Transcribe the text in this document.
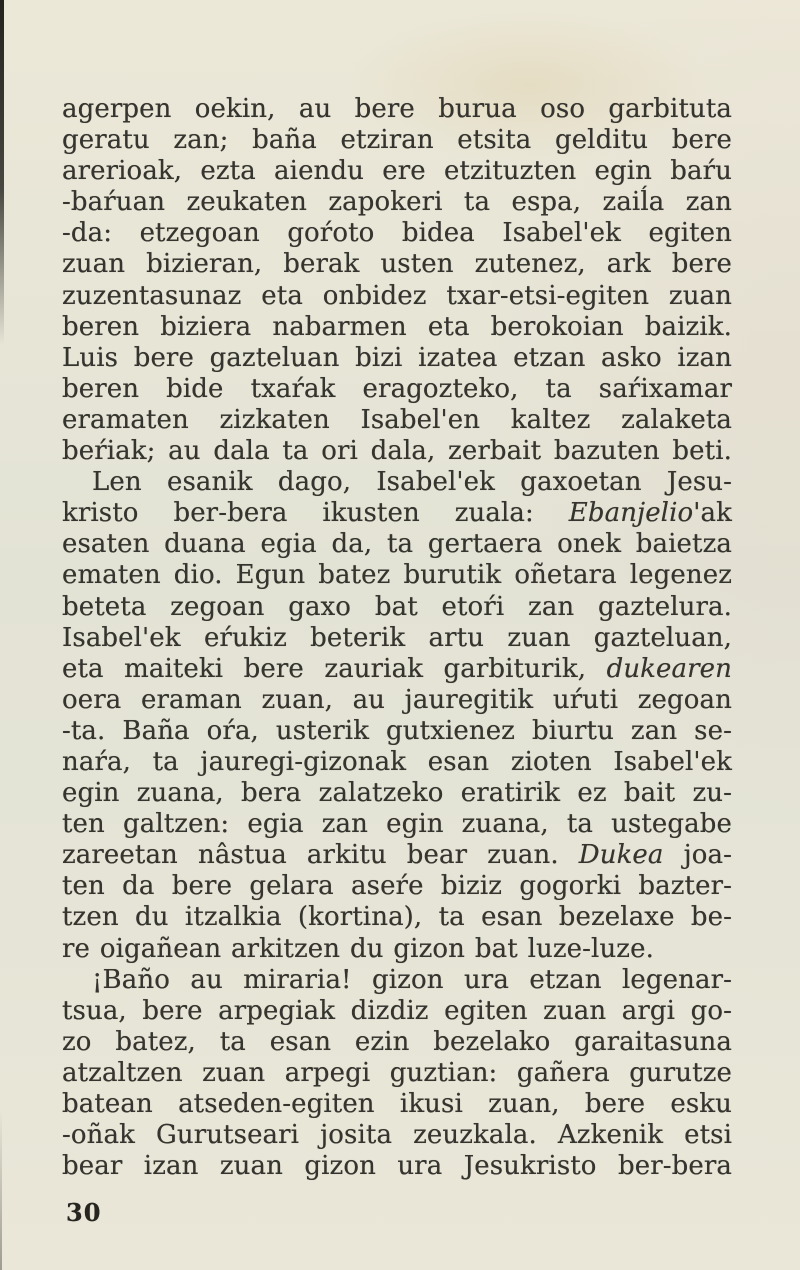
agerpen oekin, au bere burua oso garbituta
geratu zan; baña etziran etsita gelditu bere
arerioak, ezta aiendu ere etzituzten egin baŕu
-baŕuan zeukaten zapokeri ta espa, zaiĺa zan
-da: etzegoan goŕoto bidea Isabel'ek egiten
zuan bizieran, berak usten zutenez, ark bere
zuzentasunaz eta onbidez txar-etsi-egiten zuan
beren biziera nabarmen eta berokoian baizik.
Luis bere gazteluan bizi izatea etzan asko izan
beren bide txaŕak eragozteko, ta saŕixamar
eramaten zizkaten Isabel'en kaltez zalaketa
beŕiak; au dala ta ori dala, zerbait bazuten beti.
Len esanik dago, Isabel'ek gaxoetan Jesu-
kristo ber-bera ikusten zuala: Ebanjelio'ak
esaten duana egia da, ta gertaera onek baietza
ematen dio. Egun batez burutik oñetara legenez
beteta zegoan gaxo bat etoŕi zan gaztelura.
Isabel'ek eŕukiz beterik artu zuan gazteluan,
eta maiteki bere zauriak garbiturik, dukearen
oera eraman zuan, au jauregitik uŕuti zegoan
-ta. Baña oŕa, usterik gutxienez biurtu zan se-
naŕa, ta jauregi-gizonak esan zioten Isabel'ek
egin zuana, bera zalatzeko eratirik ez bait zu-
ten galtzen: egia zan egin zuana, ta ustegabe
zareetan nâstua arkitu bear zuan. Dukea joa-
ten da bere gelara aseŕe biziz gogorki bazter-
tzen du itzalkia (kortina), ta esan bezelaxe be-
re oigañean arkitzen du gizon bat luze-luze.
¡Baño au miraria! gizon ura etzan legenar-
tsua, bere arpegiak dizdiz egiten zuan argi go-
zo batez, ta esan ezin bezelako garaitasuna
atzaltzen zuan arpegi guztian: gañera gurutze
batean atseden-egiten ikusi zuan, bere esku
-oñak Gurutseari josita zeuzkala. Azkenik etsi
bear izan zuan gizon ura Jesukristo ber-bera
30
